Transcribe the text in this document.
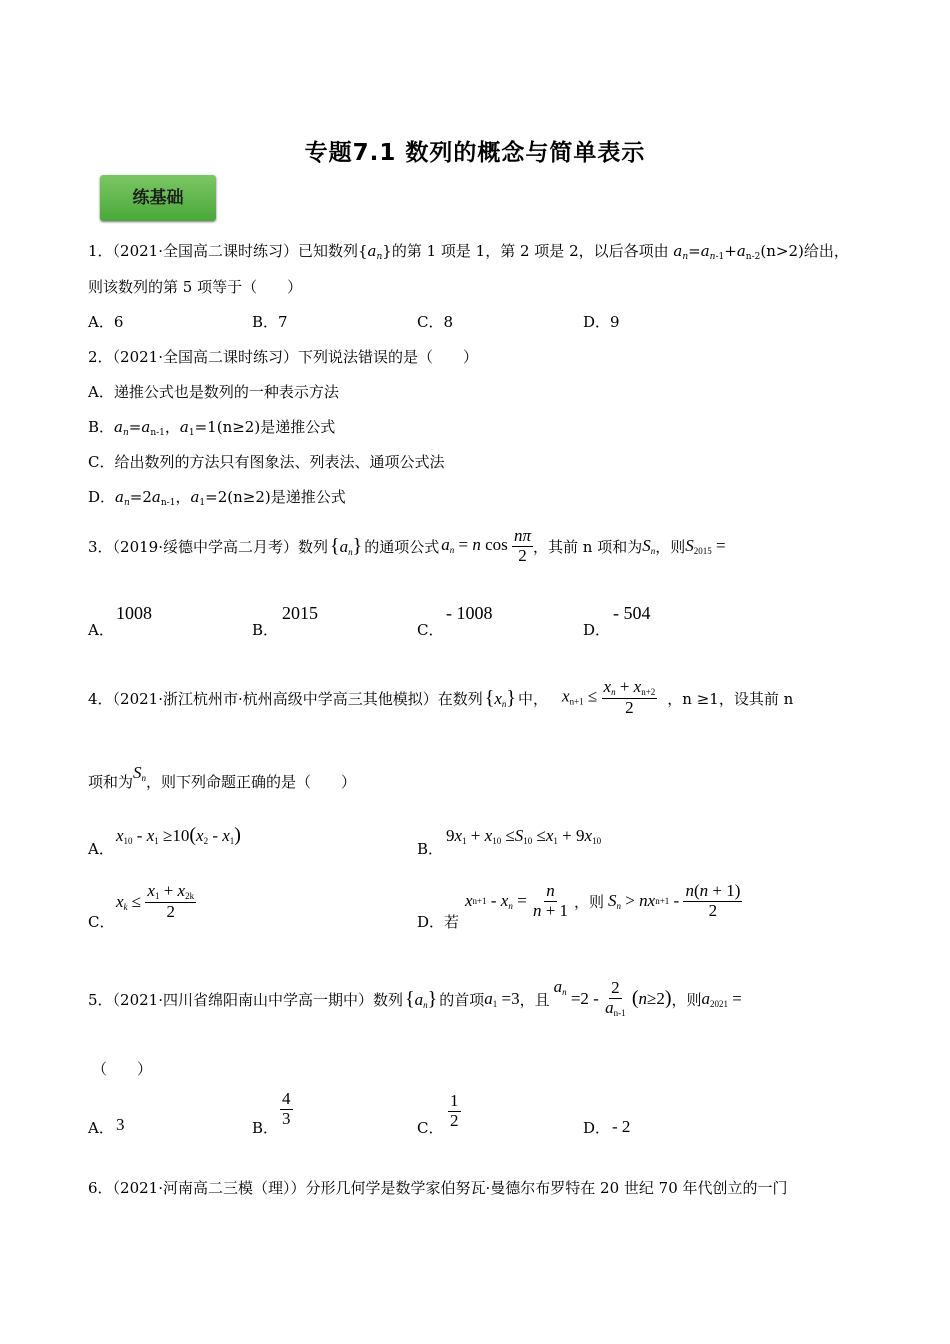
专题7.1 数列的概念与简单表示
练基础
1．（2021·全国高二课时练习）已知数列$\{a_n\}$的第 1 项是 1，第 2 项是 2，以后各项由 $a_n=a_{n-1}+a_{n-2}(n>2)$给出，
则该数列的第 5 项等于（　　）
A．6	B．7	C．8	D．9
2．（2021·全国高二课时练习）下列说法错误的是（　　）
A．递推公式也是数列的一种表示方法
B．$a_n=a_{n-1}$，$a_1=1(n\ge 2)$是递推公式
C．给出数列的方法只有图象法、列表法、通项公式法
D．$a_n=2a_{n-1}$，$a_1=2(n\ge 2)$是递推公式
3．（2019·绥德中学高二月考）数列 $\{a_n\}$ 的通项公式 $a_n = n$ $\cos \frac{n\pi}{2}$ ，其前 n 项和为 $S_n$ ，则 $S_{2015}$ =
A．
1008
B．
2015
C．
- 1008
D．
- 504
4．（2021·浙江杭州市·杭州高级中学高三其他模拟）在数列 $\{x_n\}$ 中， $x_{n+1} \le \frac{x_n + x_{n+2}}{2}$ ，n ≥1，设其前 n
项和为 $S_n$ ，则下列命题正确的是（　　）
A．
$x_{10} - x_1 \ge 10(x_2 - x_1)$
B．
$9x_1 + x_{10} \le S_{10} \le x_1 + 9x_{10}$
C．
$x_k \le \frac{x_1 + x_{2k}}{2}$
D．若
x $n+1 - x_n = \frac{n}{n + 1}$ ，则 $S_n$ > nx $n+1 - \frac{n(n + 1)}{2}$
5．（2021·四川省绵阳南山中学高一期中）数列 $\{a_n\}$ 的首项 $a_1 =3$ ，且
$a_n =2 - \frac{2}{a_{n-1}}$
( n ≥2 ) ，则 $a_{2021}$ =
（　　）
A． 3	B． $\frac{4}{3}$	C． $\frac{1}{2}$	D． - 2
6．（2021·河南高二三模（理））分形几何学是数学家伯努瓦·曼德尔布罗特在 20 世纪 70 年代创立的一门
